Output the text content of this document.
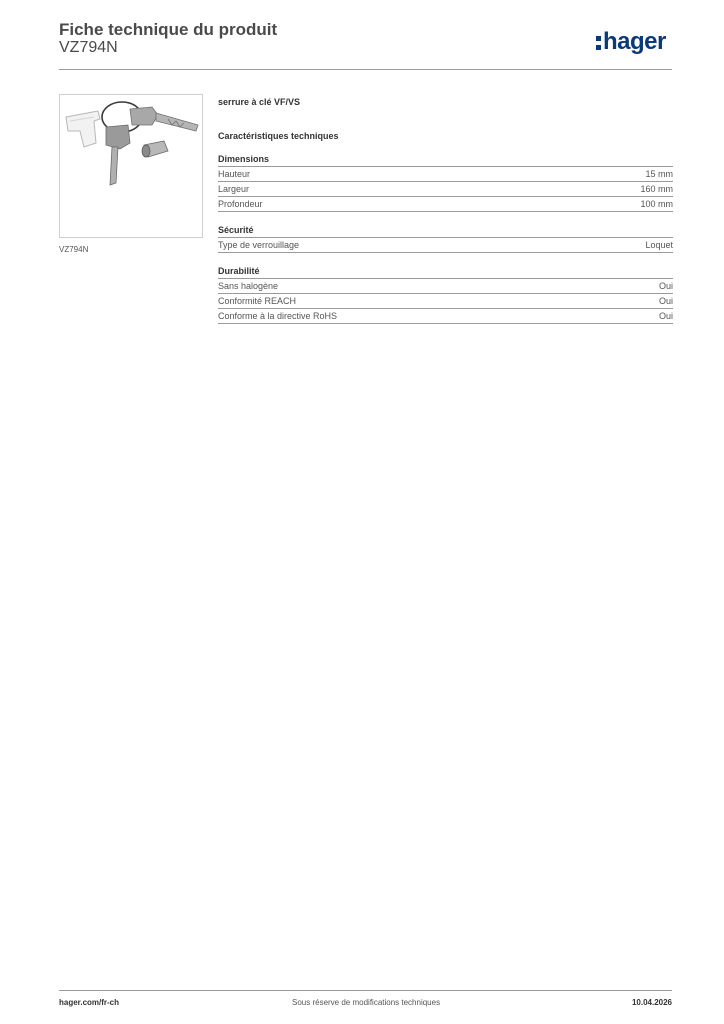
Fiche technique du produit
VZ794N	hager
VZ794N
serrure à clé VF/VS
Caractéristiques techniques
Dimensions
Hauteur	15 mm
Largeur	160 mm
Profondeur	100 mm
Sécurité
Type de verrouillage	Loquet
Durabilité
Sans halogène	Oui
Conformité REACH	Oui
Conforme à la directive RoHS	Oui
hager.com/fr-ch	Sous réserve de modifications techniques	10.04.2026
